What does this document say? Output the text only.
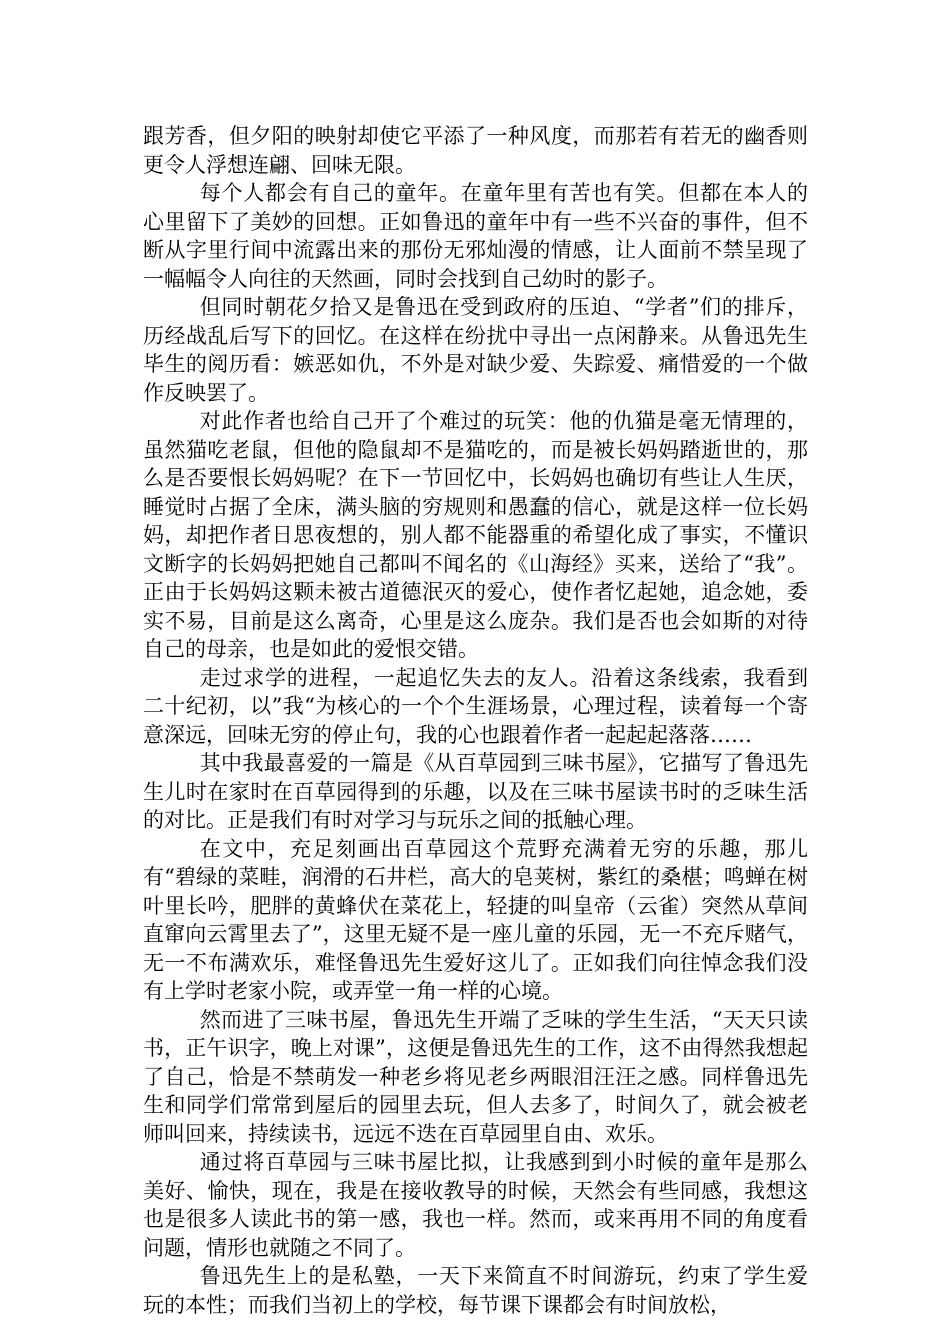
跟芳香，但夕阳的映射却使它平添了一种风度，而那若有若无的幽香则更令人浮想连翩、回味无限。

每个人都会有自己的童年。在童年里有苦也有笑。但都在本人的心里留下了美妙的回想。正如鲁迅的童年中有一些不兴奋的事件，但不断从字里行间中流露出来的那份无邪灿漫的情感，让人面前不禁呈现了一幅幅令人向往的天然画，同时会找到自己幼时的影子。

但同时朝花夕拾又是鲁迅在受到政府的压迫、“学者”们的排斥，历经战乱后写下的回忆。在这样在纷扰中寻出一点闲静来。从鲁迅先生毕生的阅历看：嫉恶如仇，不外是对缺少爱、失踪爱、痛惜爱的一个做作反映罢了。

对此作者也给自己开了个难过的玩笑：他的仇猫是毫无情理的，虽然猫吃老鼠，但他的隐鼠却不是猫吃的，而是被长妈妈踏逝世的，那么是否要恨长妈妈呢？在下一节回忆中，长妈妈也确切有些让人生厌，睡觉时占据了全床，满头脑的穷规则和愚蠢的信心，就是这样一位长妈妈，却把作者日思夜想的，别人都不能器重的希望化成了事实，不懂识文断字的长妈妈把她自己都叫不闻名的《山海经》买来，送给了“我”。正由于长妈妈这颗未被古道德泯灭的爱心，使作者忆起她，追念她，委实不易，目前是这么离奇，心里是这么庞杂。我们是否也会如斯的对待自己的母亲，也是如此的爱恨交错。

走过求学的进程，一起追忆失去的友人。沿着这条线索，我看到二十纪初，以”我“为核心的一个个生涯场景，心理过程，读着每一个寄意深远，回味无穷的停止句，我的心也跟着作者一起起起落落……

其中我最喜爱的一篇是《从百草园到三味书屋》，它描写了鲁迅先生儿时在家时在百草园得到的乐趣，以及在三味书屋读书时的乏味生活的对比。正是我们有时对学习与玩乐之间的抵触心理。

在文中，充足刻画出百草园这个荒野充满着无穷的乐趣，那儿有“碧绿的菜畦，润滑的石井栏，高大的皂荚树，紫红的桑椹；鸣蝉在树叶里长吟，肥胖的黄蜂伏在菜花上，轻捷的叫皇帝（云雀）突然从草间直窜向云霄里去了”，这里无疑不是一座儿童的乐园，无一不充斥赌气，无一不布满欢乐，难怪鲁迅先生爱好这儿了。正如我们向往悼念我们没有上学时老家小院，或弄堂一角一样的心境。

然而进了三味书屋，鲁迅先生开端了乏味的学生生活，“天天只读书，正午识字，晚上对课”，这便是鲁迅先生的工作，这不由得然我想起了自己，恰是不禁萌发一种老乡将见老乡两眼泪汪汪之感。同样鲁迅先生和同学们常常到屋后的园里去玩，但人去多了，时间久了，就会被老师叫回来，持续读书，远远不迭在百草园里自由、欢乐。

通过将百草园与三味书屋比拟，让我感到到小时候的童年是那么美好、愉快，现在，我是在接收教导的时候，天然会有些同感，我想这也是很多人读此书的第一感，我也一样。然而，或来再用不同的角度看问题，情形也就随之不同了。

鲁迅先生上的是私塾，一天下来简直不时间游玩，约束了学生爱玩的本性；而我们当初上的学校，每节课下课都会有时间放松，
